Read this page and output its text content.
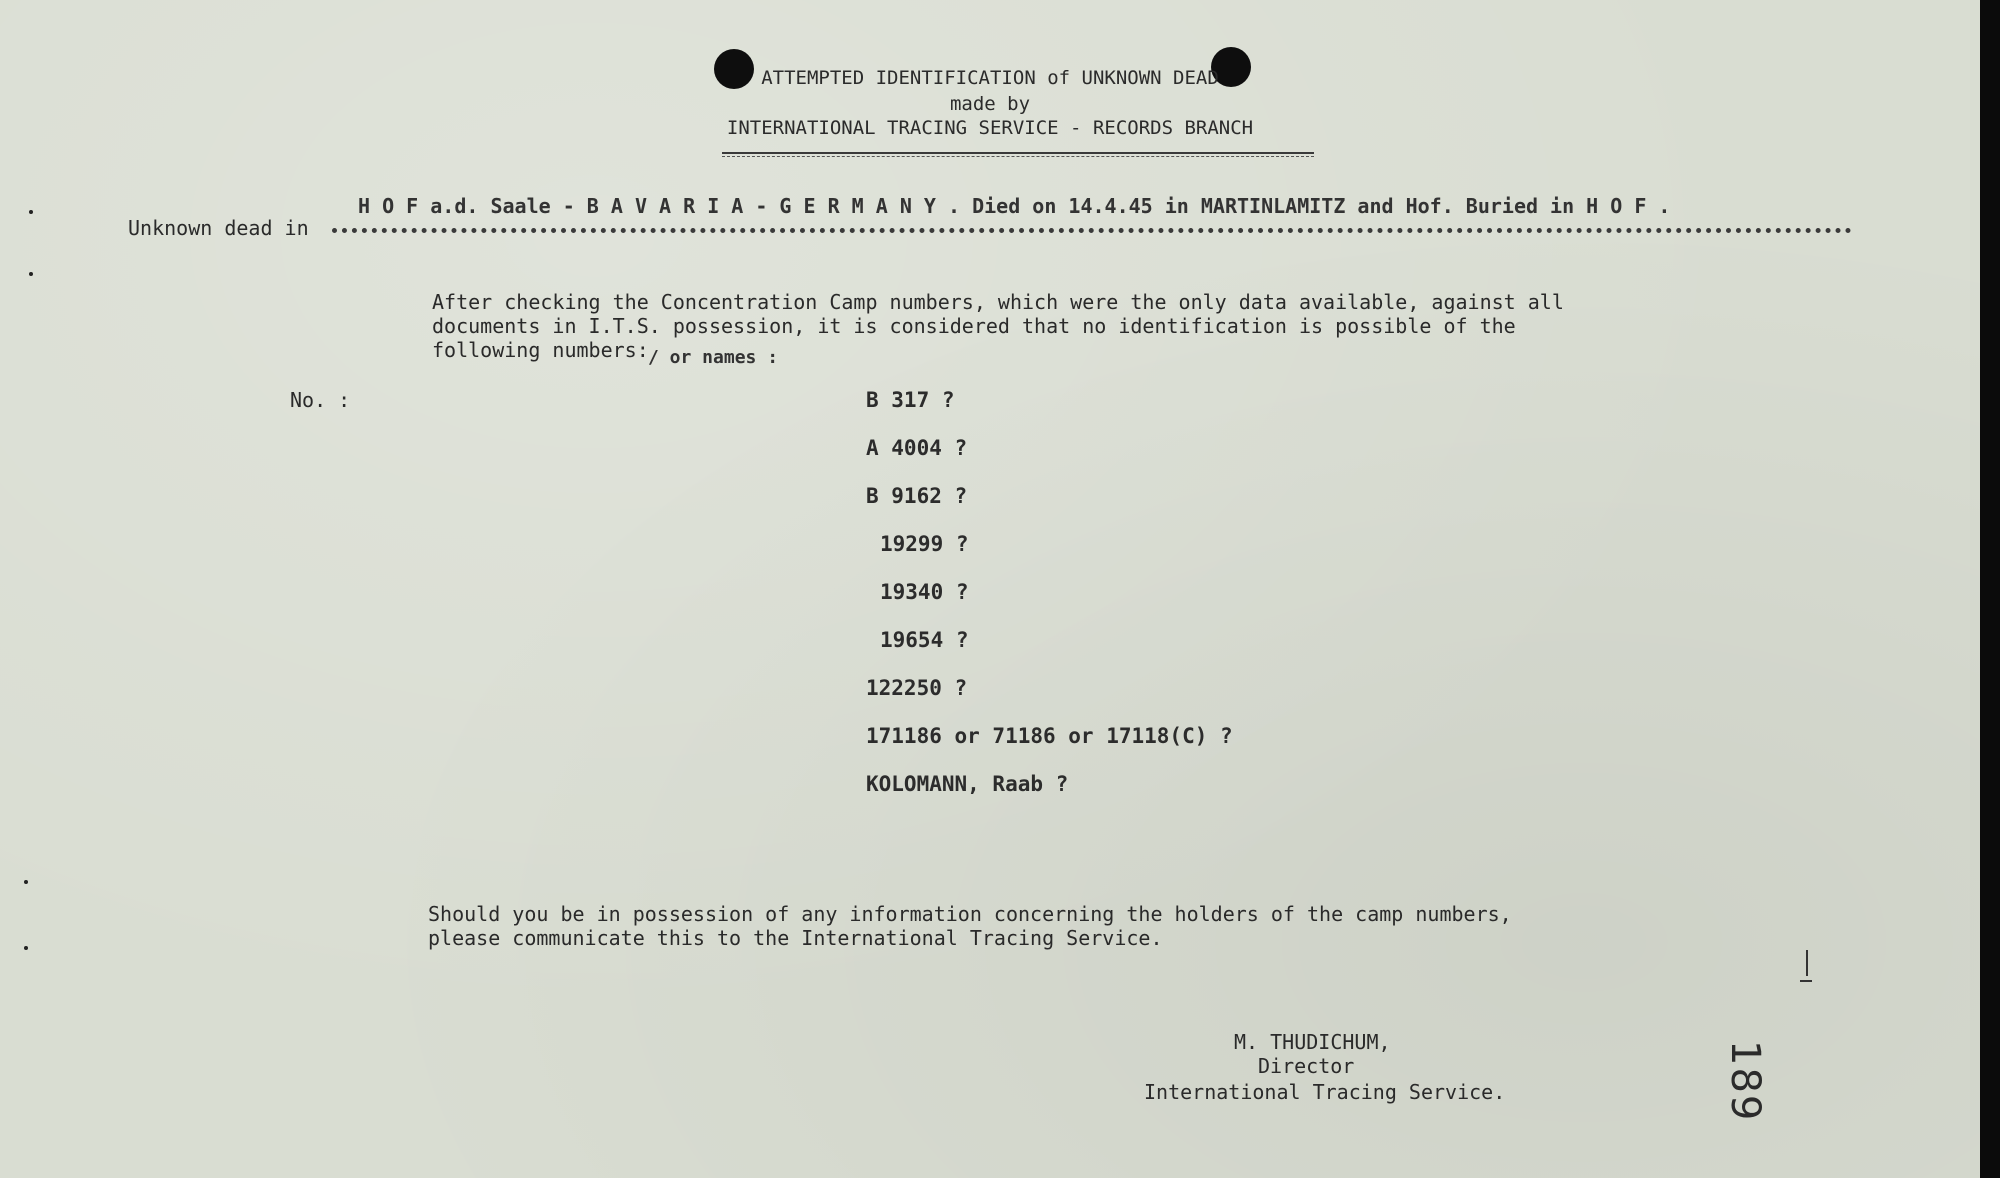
ATTEMPTED IDENTIFICATION of UNKNOWN DEAD
made by
INTERNATIONAL TRACING SERVICE - RECORDS BRANCH
Unknown dead in
H O F a.d. Saale - B A V A R I A - G E R M A N Y . Died on 14.4.45 in MARTINLAMITZ and Hof. Buried in H O F .
After checking the Concentration Camp numbers, which were the only data available, against all
documents in I.T.S. possession, it is considered that no identification is possible of the
following numbers: / or names :
No. :	B 317 ?
A 4004 ?
B 9162 ?
19299 ?
19340 ?
19654 ?
122250 ?
171186 or 71186 or 17118(C) ?
KOLOMANN, Raab ?
Should you be in possession of any information concerning the holders of the camp numbers,
please communicate this to the International Tracing Service.
M. THUDICHUM,
Director
International Tracing Service.	189
